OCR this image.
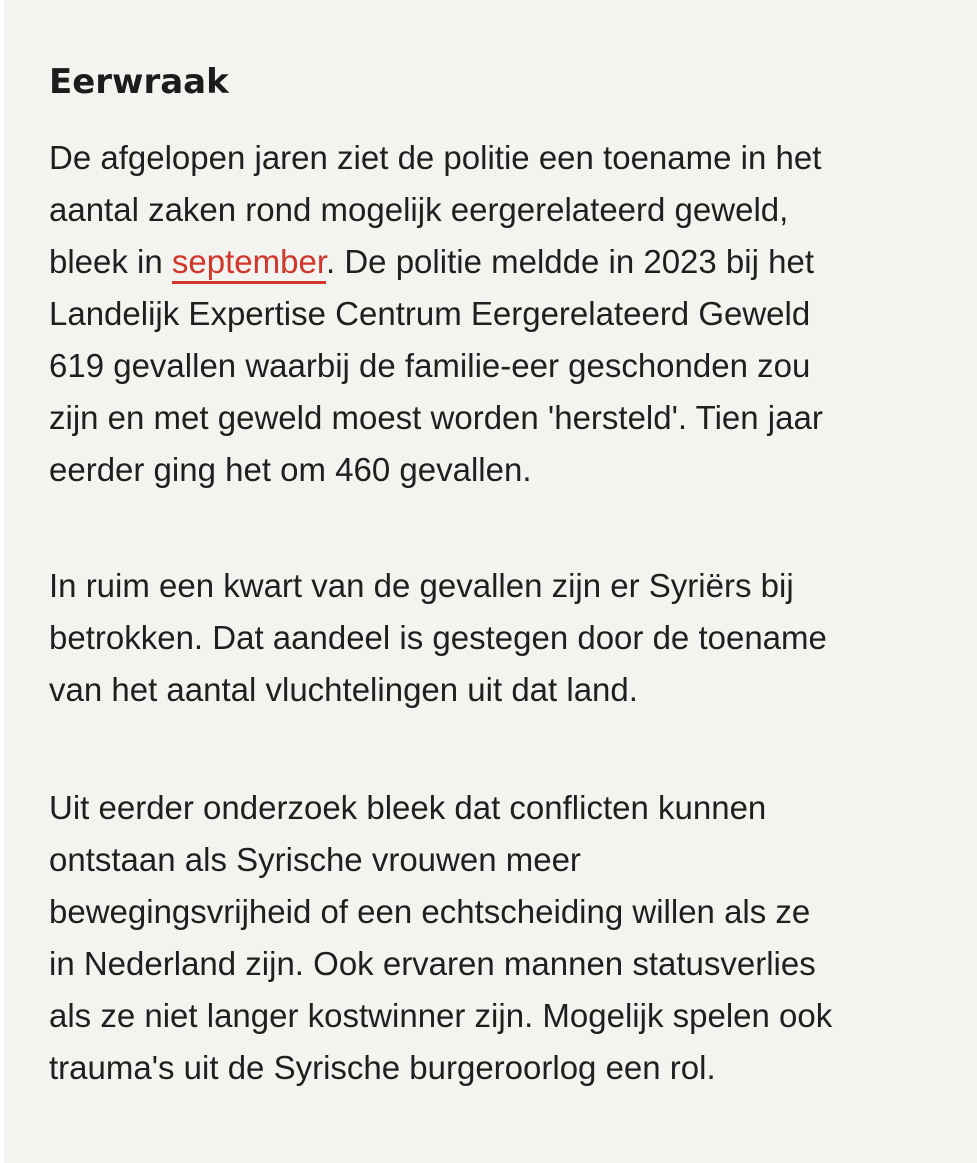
Eerwraak

De afgelopen jaren ziet de politie een toename in het
aantal zaken rond mogelijk eergerelateerd geweld,
bleek in september. De politie meldde in 2023 bij het
Landelijk Expertise Centrum Eergerelateerd Geweld
619 gevallen waarbij de familie-eer geschonden zou
zijn en met geweld moest worden 'hersteld'. Tien jaar
eerder ging het om 460 gevallen.

In ruim een kwart van de gevallen zijn er Syriërs bij
betrokken. Dat aandeel is gestegen door de toename
van het aantal vluchtelingen uit dat land.

Uit eerder onderzoek bleek dat conflicten kunnen
ontstaan als Syrische vrouwen meer
bewegingsvrijheid of een echtscheiding willen als ze
in Nederland zijn. Ook ervaren mannen statusverlies
als ze niet langer kostwinner zijn. Mogelijk spelen ook
trauma's uit de Syrische burgeroorlog een rol.
